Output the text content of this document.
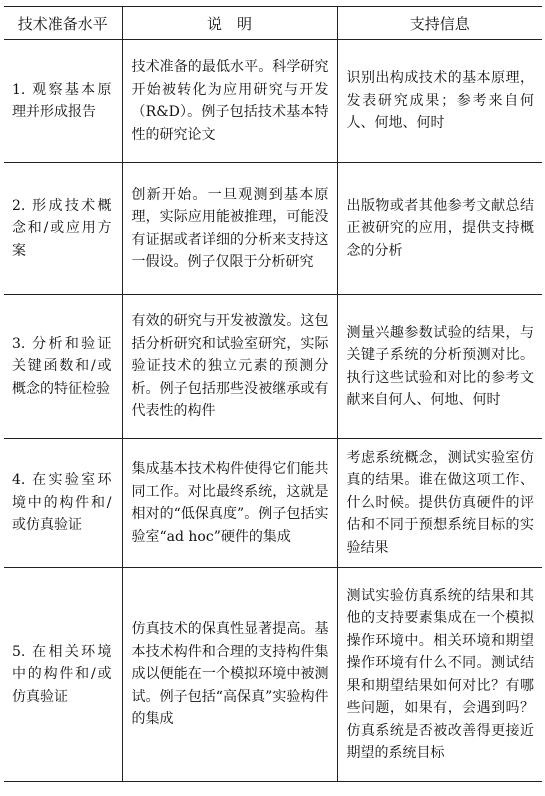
技术准备水平	说　明	支持信息
1. 观察基本原理并形成报告	技术准备的最低水平。科学研究开始被转化为应用研究与开发（R&D）。例子包括技术基本特性的研究论文	识别出构成技术的基本原理，发表研究成果；参考来自何人、何地、何时
2. 形成技术概念和/或应用方案	创新开始。一旦观测到基本原理，实际应用能被推理，可能没有证据或者详细的分析来支持这一假设。例子仅限于分析研究	出版物或者其他参考文献总结正被研究的应用，提供支持概念的分析
3. 分析和验证关键函数和/或概念的特征检验	有效的研究与开发被激发。这包括分析研究和试验室研究，实际验证技术的独立元素的预测分析。例子包括那些没被继承或有代表性的构件	测量兴趣参数试验的结果，与关键子系统的分析预测对比。执行这些试验和对比的参考文献来自何人、何地、何时
4. 在实验室环境中的构件和/或仿真验证	集成基本技术构件使得它们能共同工作。对比最终系统，这就是相对的“低保真度”。例子包括实验室“ad hoc”硬件的集成	考虑系统概念，测试实验室仿真的结果。谁在做这项工作、什么时候。提供仿真硬件的评估和不同于预想系统目标的实验结果
5. 在相关环境中的构件和/或仿真验证	仿真技术的保真性显著提高。基本技术构件和合理的支持构件集成以便能在一个模拟环境中被测试。例子包括“高保真”实验构件的集成	测试实验仿真系统的结果和其他的支持要素集成在一个模拟操作环境中。相关环境和期望操作环境有什么不同。测试结果和期望结果如何对比？有哪些问题，如果有，会遇到吗？仿真系统是否被改善得更接近期望的系统目标
